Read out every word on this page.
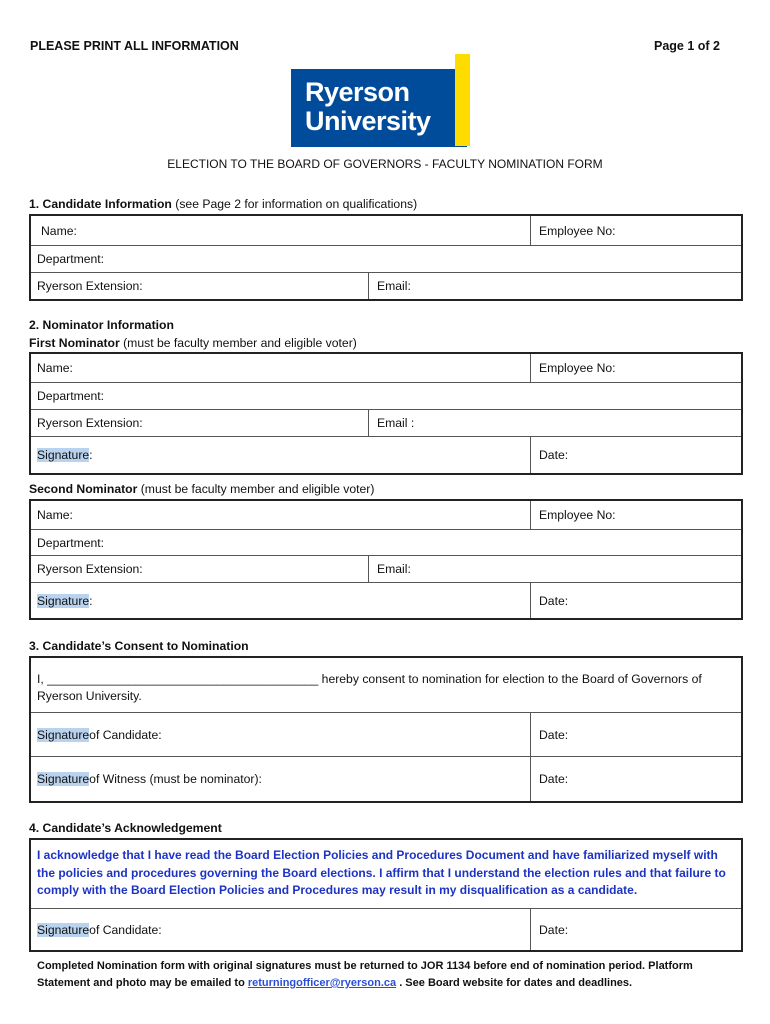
PLEASE PRINT ALL INFORMATION	Page 1 of 2
Ryerson
University
ELECTION TO THE BOARD OF GOVERNORS - FACULTY NOMINATION FORM
1. Candidate Information (see Page 2 for information on qualifications)
Name:	Employee No:
Department:
Ryerson Extension:	Email:
2. Nominator Information
First Nominator (must be faculty member and eligible voter)
Name:	Employee No:
Department:
Ryerson Extension:	Email :
Signature :	Date:
Second Nominator (must be faculty member and eligible voter)
Name:	Employee No:
Department:
Ryerson Extension:	Email:
Signature :	Date:
3. Candidate’s Consent to Nomination
I, ________________________________________ hereby consent to nomination for election to the Board of Governors of Ryerson University.
Signature of Candidate:	Date:
Signature of Witness (must be nominator):	Date:
4. Candidate’s Acknowledgement
I acknowledge that I have read the Board Election Policies and Procedures Document and have familiarized myself with the policies and procedures governing the Board elections. I affirm that I understand the election rules and that failure to comply with the Board Election Policies and Procedures may result in my disqualification as a candidate.
Signature of Candidate:	Date:
Completed Nomination form with original signatures must be returned to JOR 1134 before end of nomination period. Platform Statement and photo may be emailed to returningofficer@ryerson.ca . See Board website for dates and deadlines.
